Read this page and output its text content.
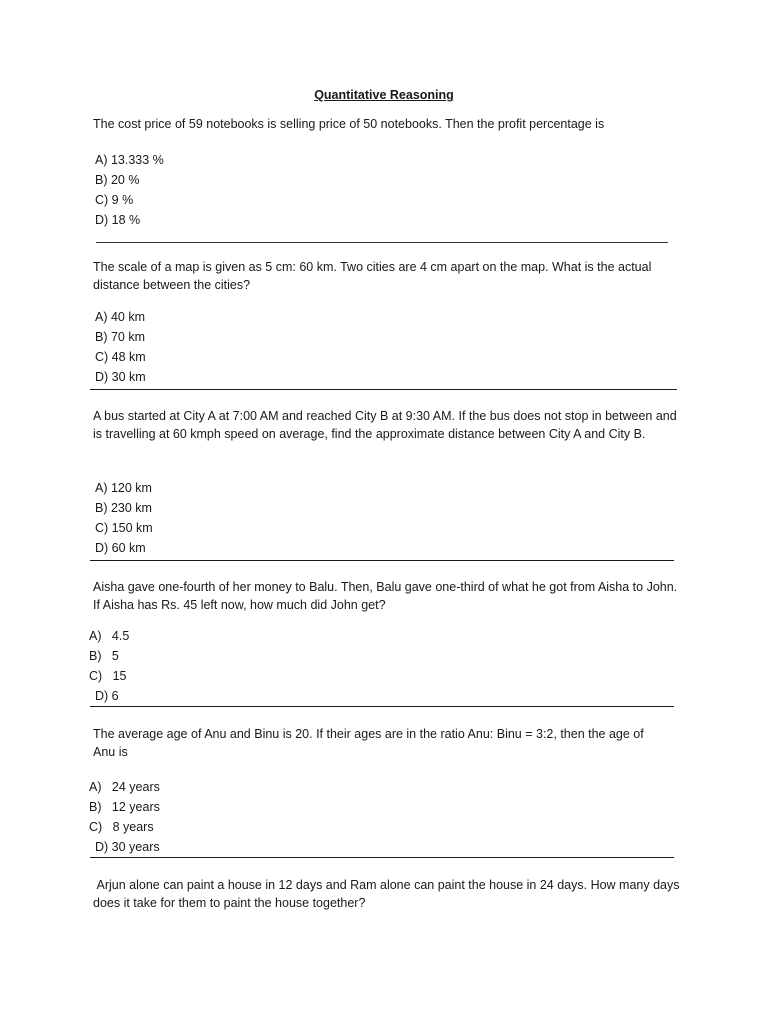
Quantitative Reasoning
The cost price of 59 notebooks is selling price of 50 notebooks. Then the profit percentage is
A) 13.333 %
B) 20 %
C) 9 %
D) 18 %
The scale of a map is given as 5 cm: 60 km. Two cities are 4 cm apart on the map. What is the actual distance between the cities?
A) 40 km
B) 70 km
C) 48 km
D) 30 km
A bus started at City A at 7:00 AM and reached City B at 9:30 AM. If the bus does not stop in between and is travelling at 60 kmph speed on average, find the approximate distance between City A and City B.
A) 120 km
B) 230 km
C) 150 km
D) 60 km
Aisha gave one-fourth of her money to Balu. Then, Balu gave one-third of what he got from Aisha to John. If Aisha has Rs. 45 left now, how much did John get?
A)   4.5
B)   5
C)   15
D) 6
The average age of Anu and Binu is 20. If their ages are in the ratio Anu: Binu = 3:2, then the age of Anu is
A)   24 years
B)   12 years
C)   8 years
D) 30 years
Arjun alone can paint a house in 12 days and Ram alone can paint the house in 24 days. How many days does it take for them to paint the house together?
